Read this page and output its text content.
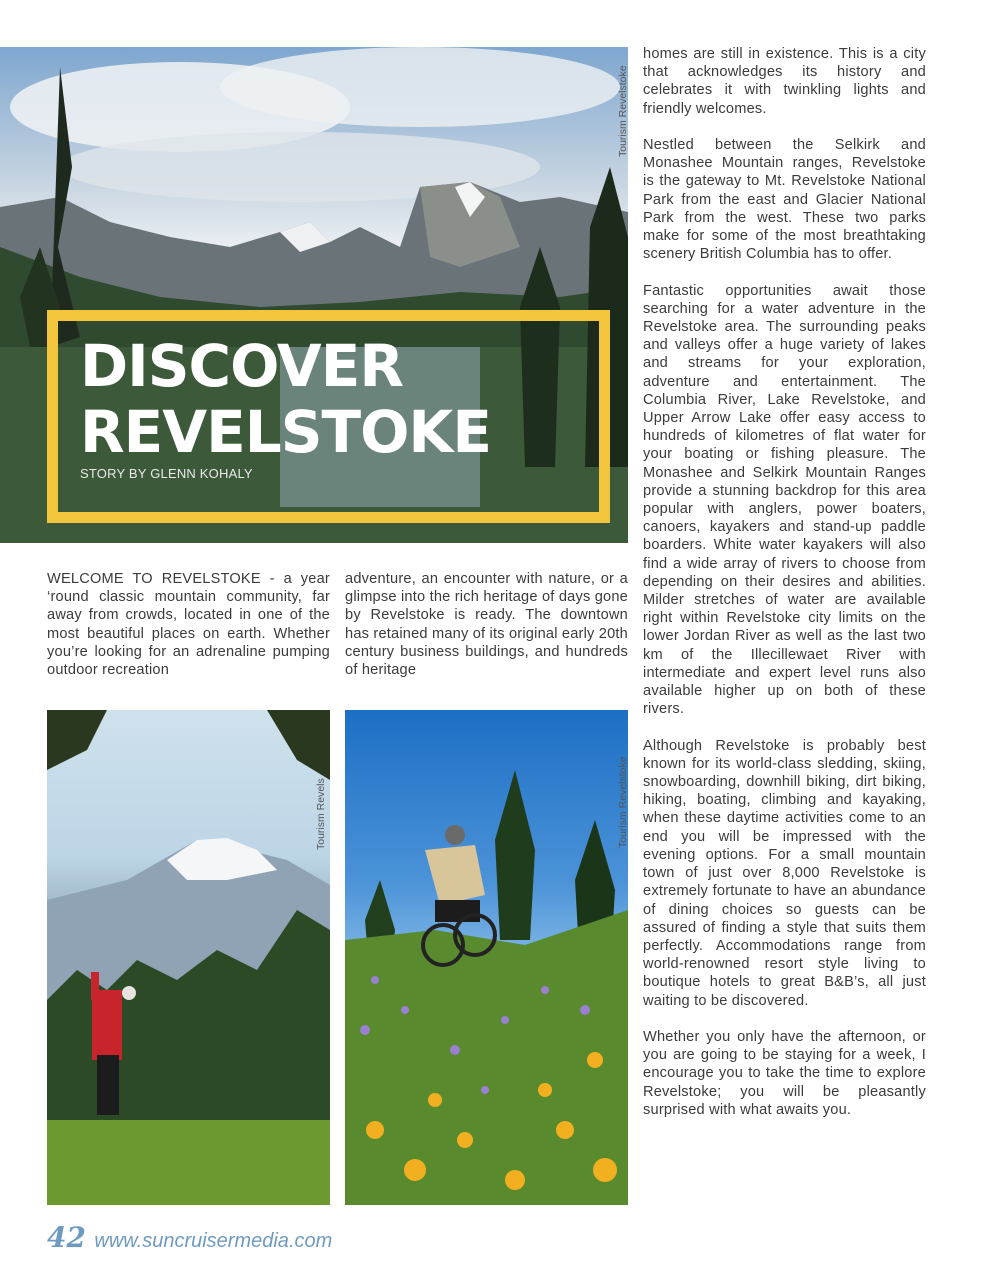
Tourism Revelstoke
DISCOVER
REVELSTOKE
STORY BY GLENN KOHALY
WELCOME TO REVELSTOKE - a year ‘round classic mountain community, far away from crowds, located in one of the most beautiful places on earth. Whether you’re looking for an adrenaline pumping outdoor recreation
adventure, an encounter with nature, or a glimpse into the rich heritage of days gone by Revelstoke is ready. The downtown has retained many of its original early 20th century business buildings, and hundreds of heritage

homes are still in existence. This is a city that acknowledges its history and celebrates it with twinkling lights and friendly welcomes.

Nestled between the Selkirk and Monashee Mountain ranges, Revelstoke is the gateway to Mt. Revelstoke National Park from the east and Glacier National Park from the west. These two parks make for some of the most breathtaking scenery British Columbia has to offer.

Fantastic opportunities await those searching for a water adventure in the Revelstoke area. The surrounding peaks and valleys offer a huge variety of lakes and streams for your exploration, adventure and entertainment. The Columbia River, Lake Revelstoke, and Upper Arrow Lake offer easy access to hundreds of kilometres of flat water for your boating or fishing pleasure. The Monashee and Selkirk Mountain Ranges provide a stunning backdrop for this area popular with anglers, power boaters, canoers, kayakers and stand-up paddle boarders. White water kayakers will also find a wide array of rivers to choose from depending on their desires and abilities. Milder stretches of water are available right within Revelstoke city limits on the lower Jordan River as well as the last two km of the Illecillewaet River with intermediate and expert level runs also available higher up on both of these rivers.

Although Revelstoke is probably best known for its world-class sledding, skiing, snowboarding, downhill biking, dirt biking, hiking, boating, climbing and kayaking, when these daytime activities come to an end you will be impressed with the evening options. For a small mountain town of just over 8,000 Revelstoke is extremely fortunate to have an abundance of dining choices so guests can be assured of finding a style that suits them perfectly. Accommodations range from world-renowned resort style living to boutique hotels to great B&B’s, all just waiting to be discovered.

Whether you only have the afternoon, or you are going to be staying for a week, I encourage you to take the time to explore Revelstoke; you will be pleasantly surprised with what awaits you.

Tourism Revels	Tourism Revelstoke
42 www.suncruisermedia.com
